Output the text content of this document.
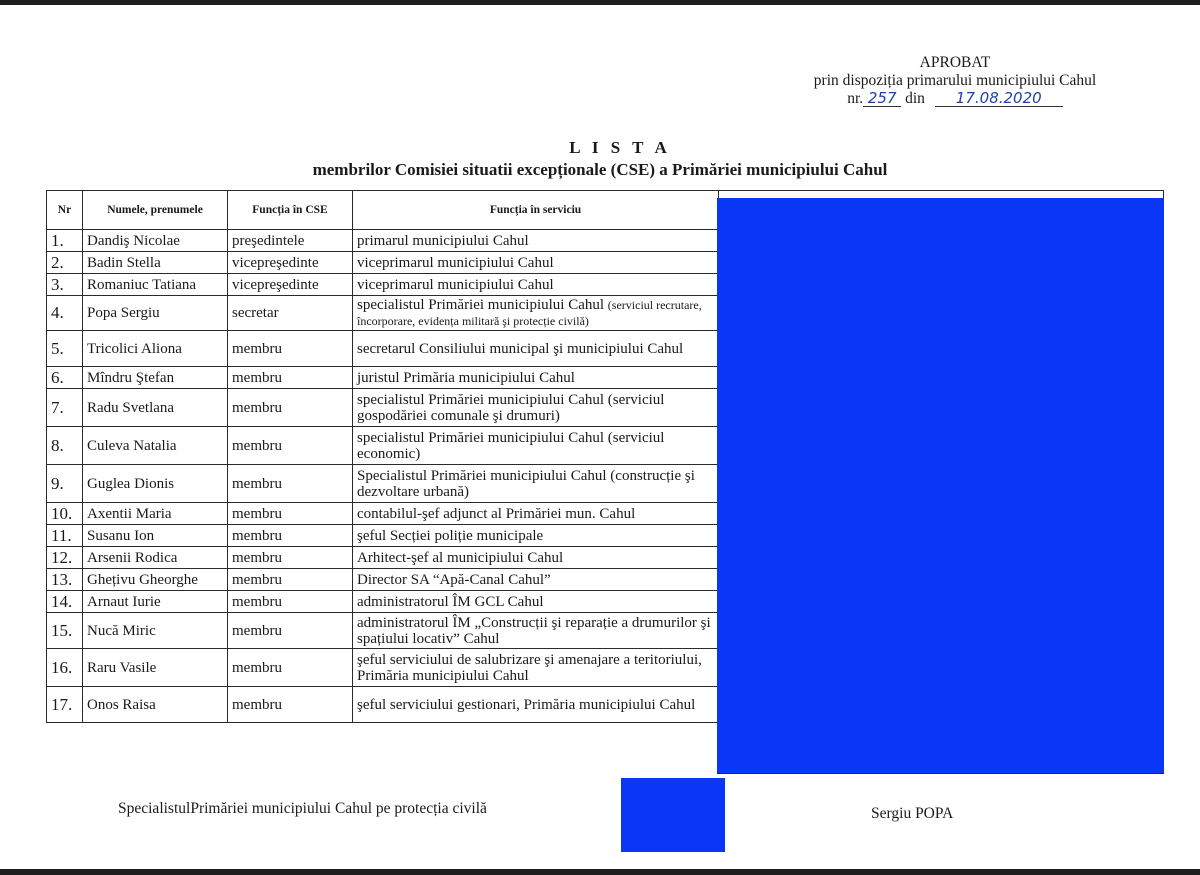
APROBAT
prin dispoziția primarului municipiului Cahul
nr. 257 din 17.08.2020
L I S T A
membrilor Comisiei situatii excepționale (CSE) a Primăriei municipiului Cahul
Nr	Numele, prenumele	Funcția în CSE	Funcția în serviciu	
1.	Dandiş Nicolae	preşedintele	primarul municipiului Cahul	
2.	Badin Stella	vicepreşedinte	viceprimarul municipiului Cahul	
3.	Romaniuc Tatiana	vicepreşedinte	viceprimarul municipiului Cahul	
4.	Popa Sergiu	secretar	specialistul Primăriei municipiului Cahul (serviciul recrutare, încorporare, evidența militară şi protecție civilă)	
5.	Tricolici Aliona	membru	secretarul Consiliului municipal şi municipiului Cahul	
6.	Mîndru Ştefan	membru	juristul Primăria municipiului Cahul	
7.	Radu Svetlana	membru	specialistul Primăriei municipiului Cahul (serviciul gospodăriei comunale şi drumuri)	
8.	Culeva Natalia	membru	specialistul Primăriei municipiului Cahul (serviciul economic)	
9.	Guglea Dionis	membru	Specialistul Primăriei municipiului Cahul (construcție şi dezvoltare urbană)	
10.	Axentii Maria	membru	contabilul-şef adjunct al Primăriei mun. Cahul	
11.	Susanu Ion	membru	şeful Secției poliție municipale	
12.	Arsenii Rodica	membru	Arhitect-şef al municipiului Cahul	
13.	Ghețivu Gheorghe	membru	Director SA “Apă-Canal Cahul”	
14.	Arnaut Iurie	membru	administratorul ÎM GCL Cahul	
15.	Nucă Miric	membru	administratorul ÎM „Construcții şi reparație a drumurilor şi spațiului locativ” Cahul	
16.	Raru Vasile	membru	şeful serviciului de salubrizare şi amenajare a teritoriului, Primăria municipiului Cahul	
17.	Onos Raisa	membru	şeful serviciului gestionari, Primăria municipiului Cahul	
SpecialistulPrimăriei municipiului Cahul pe protecția civilă	Sergiu POPA
